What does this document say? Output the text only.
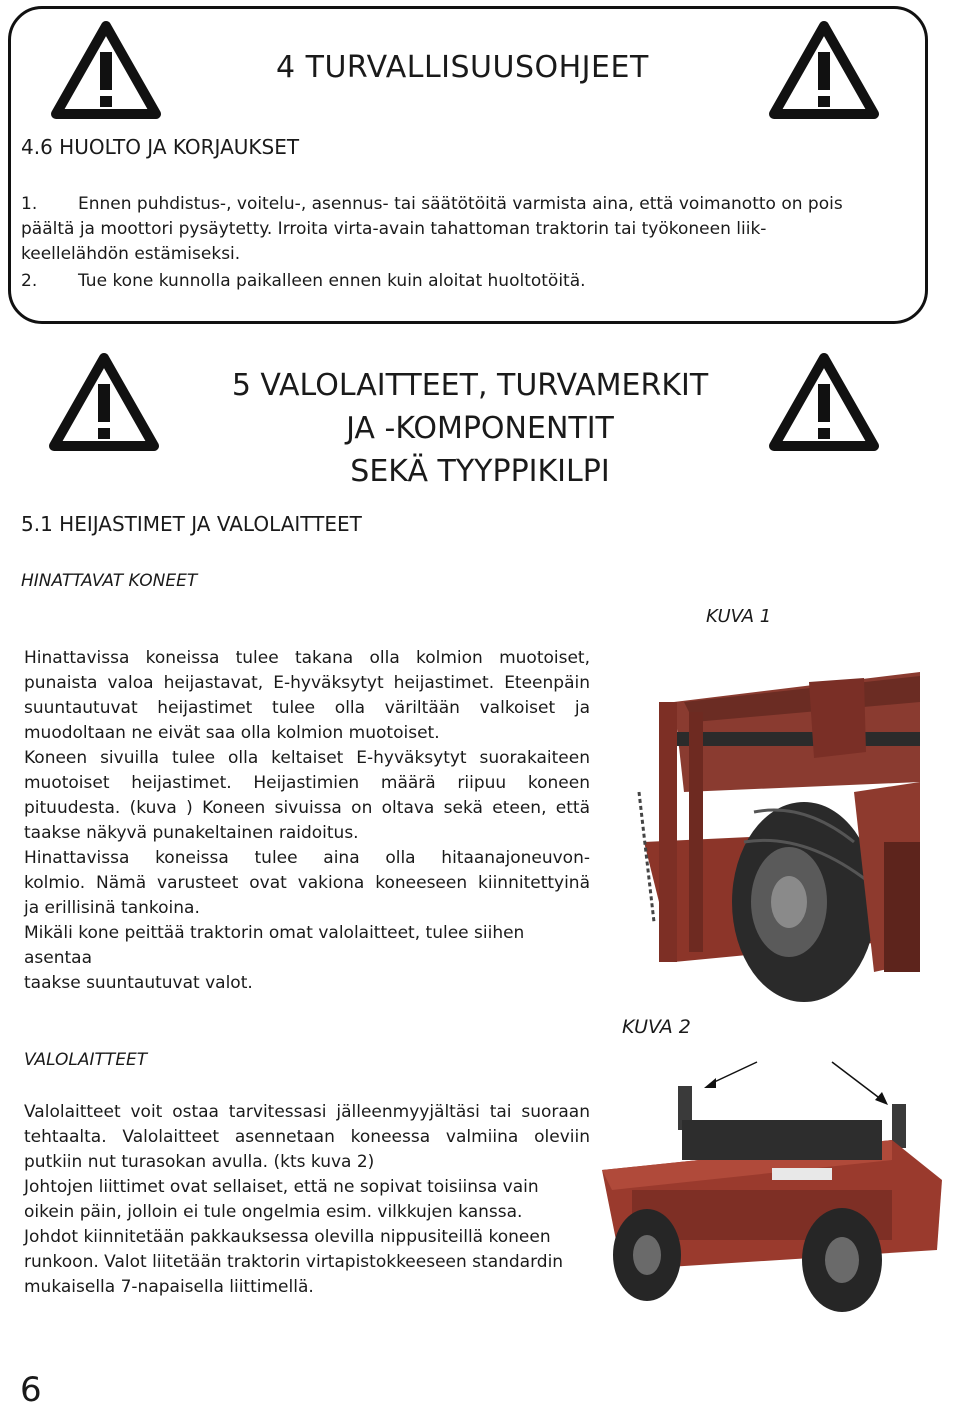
4 TURVALLISUUSOHJEET
4.6 HUOLTO JA KORJAUKSET
1. Ennen puhdistus-, voitelu-, asennus- tai säätötöitä varmista aina, että voimanotto on pois
päältä ja moottori pysäytetty. Irroita virta-avain tahattoman traktorin tai työkoneen liik-
keellelähdön estämiseksi.
2. Tue kone kunnolla paikalleen ennen kuin aloitat huoltotöitä.
5 VALOLAITTEET, TURVAMERKIT
JA -KOMPONENTIT
SEKÄ TYYPPIKILPI
5.1 HEIJASTIMET JA VALOLAITTEET
HINATTAVAT KONEET
KUVA 1
Hinattavissa koneissa tulee takana olla kolmion muotoiset,
punaista valoa heijastavat, E-hyväksytyt heijastimet. Eteenpäin
suuntautuvat heijastimet tulee olla väriltään valkoiset ja
muodoltaan ne eivät saa olla kolmion muotoiset.
Koneen sivuilla tulee olla keltaiset E-hyväksytyt suorakaiteen
muotoiset heijastimet. Heijastimien määrä riipuu koneen
pituudesta. (kuva ) Koneen sivuissa on oltava sekä eteen, että
taakse näkyvä punakeltainen raidoitus.
Hinattavissa koneissa tulee aina olla hitaanajoneuvon-
kolmio. Nämä varusteet ovat vakiona koneeseen kiinnitettyinä
ja erillisinä tankoina.
Mikäli kone peittää traktorin omat valolaitteet, tulee siihen asentaa
taakse suuntautuvat valot.
KUVA 2
VALOLAITTEET
Valolaitteet voit ostaa tarvitessasi jälleenmyyjältäsi tai suoraan
tehtaalta. Valolaitteet asennetaan koneessa valmiina oleviin
putkiin nut turasokan avulla. (kts kuva 2)
Johtojen liittimet ovat sellaiset, että ne sopivat toisiinsa vain
oikein päin, jolloin ei tule ongelmia esim. vilkkujen kanssa.
Johdot kiinnitetään pakkauksessa olevilla nippusiteillä koneen
runkoon. Valot liitetään traktorin virtapistokkeeseen standardin
mukaisella 7-napaisella liittimellä.
6
